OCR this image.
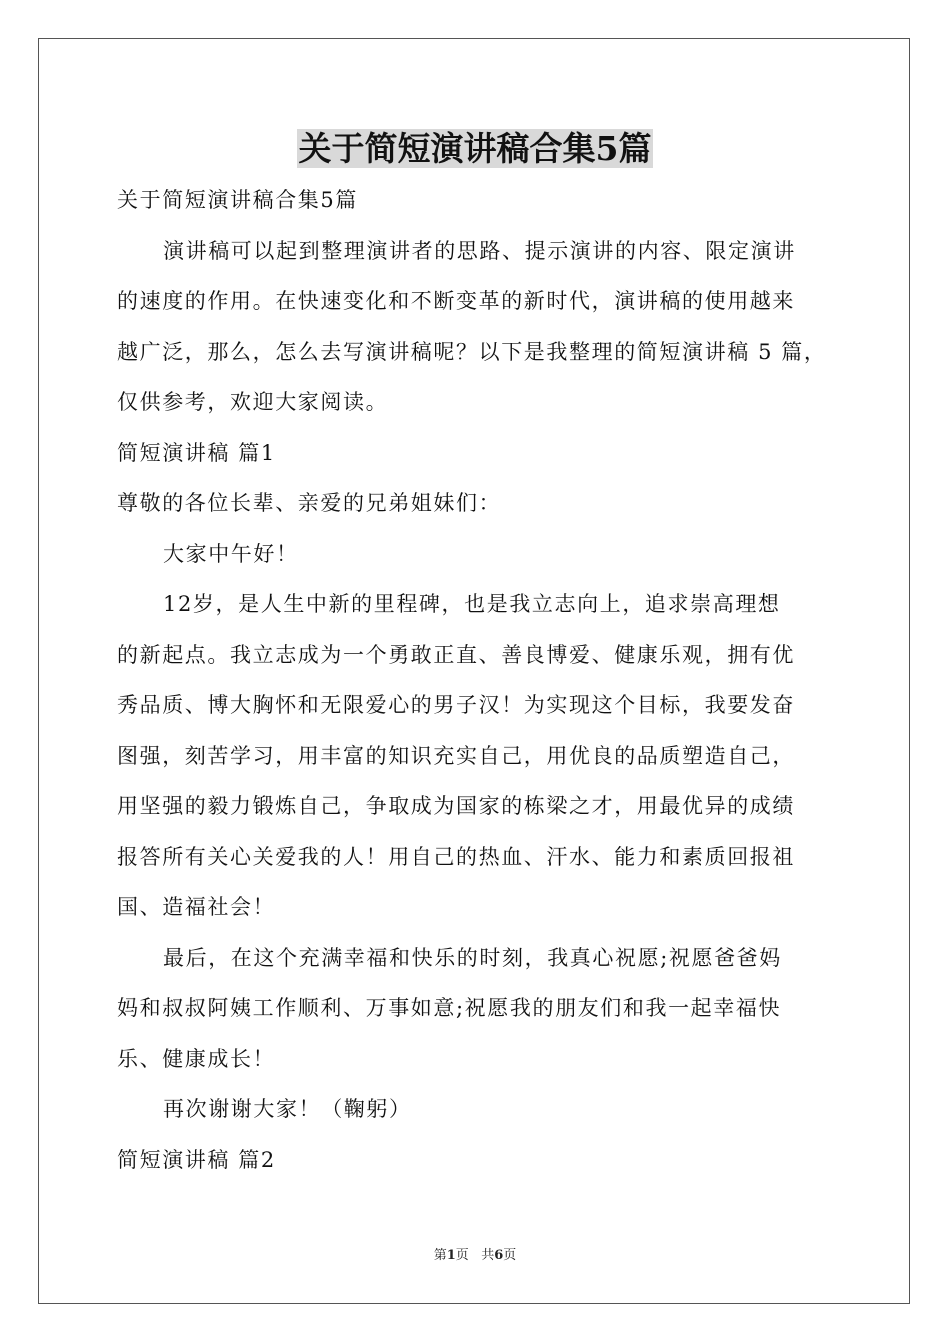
关于简短演讲稿合集5篇

关于简短演讲稿合集5篇

演讲稿可以起到整理演讲者的思路、提示演讲的内容、限定演讲

的速度的作用。在快速变化和不断变革的新时代，演讲稿的使用越来

越广泛，那么，怎么去写演讲稿呢？以下是我整理的简短演讲稿 5 篇，

仅供参考，欢迎大家阅读。

简短演讲稿 篇1

尊敬的各位长辈、亲爱的兄弟姐妹们：

大家中午好！

12岁，是人生中新的里程碑，也是我立志向上，追求崇高理想

的新起点。我立志成为一个勇敢正直、善良博爱、健康乐观，拥有优

秀品质、博大胸怀和无限爱心的男子汉！为实现这个目标，我要发奋

图强，刻苦学习，用丰富的知识充实自己，用优良的品质塑造自己，

用坚强的毅力锻炼自己，争取成为国家的栋梁之才，用最优异的成绩

报答所有关心关爱我的人！用自己的热血、汗水、能力和素质回报祖

国、造福社会！

最后，在这个充满幸福和快乐的时刻，我真心祝愿;祝愿爸爸妈

妈和叔叔阿姨工作顺利、万事如意;祝愿我的朋友们和我一起幸福快

乐、健康成长！

再次谢谢大家！（鞠躬）

简短演讲稿 篇2

第1页 共6页
